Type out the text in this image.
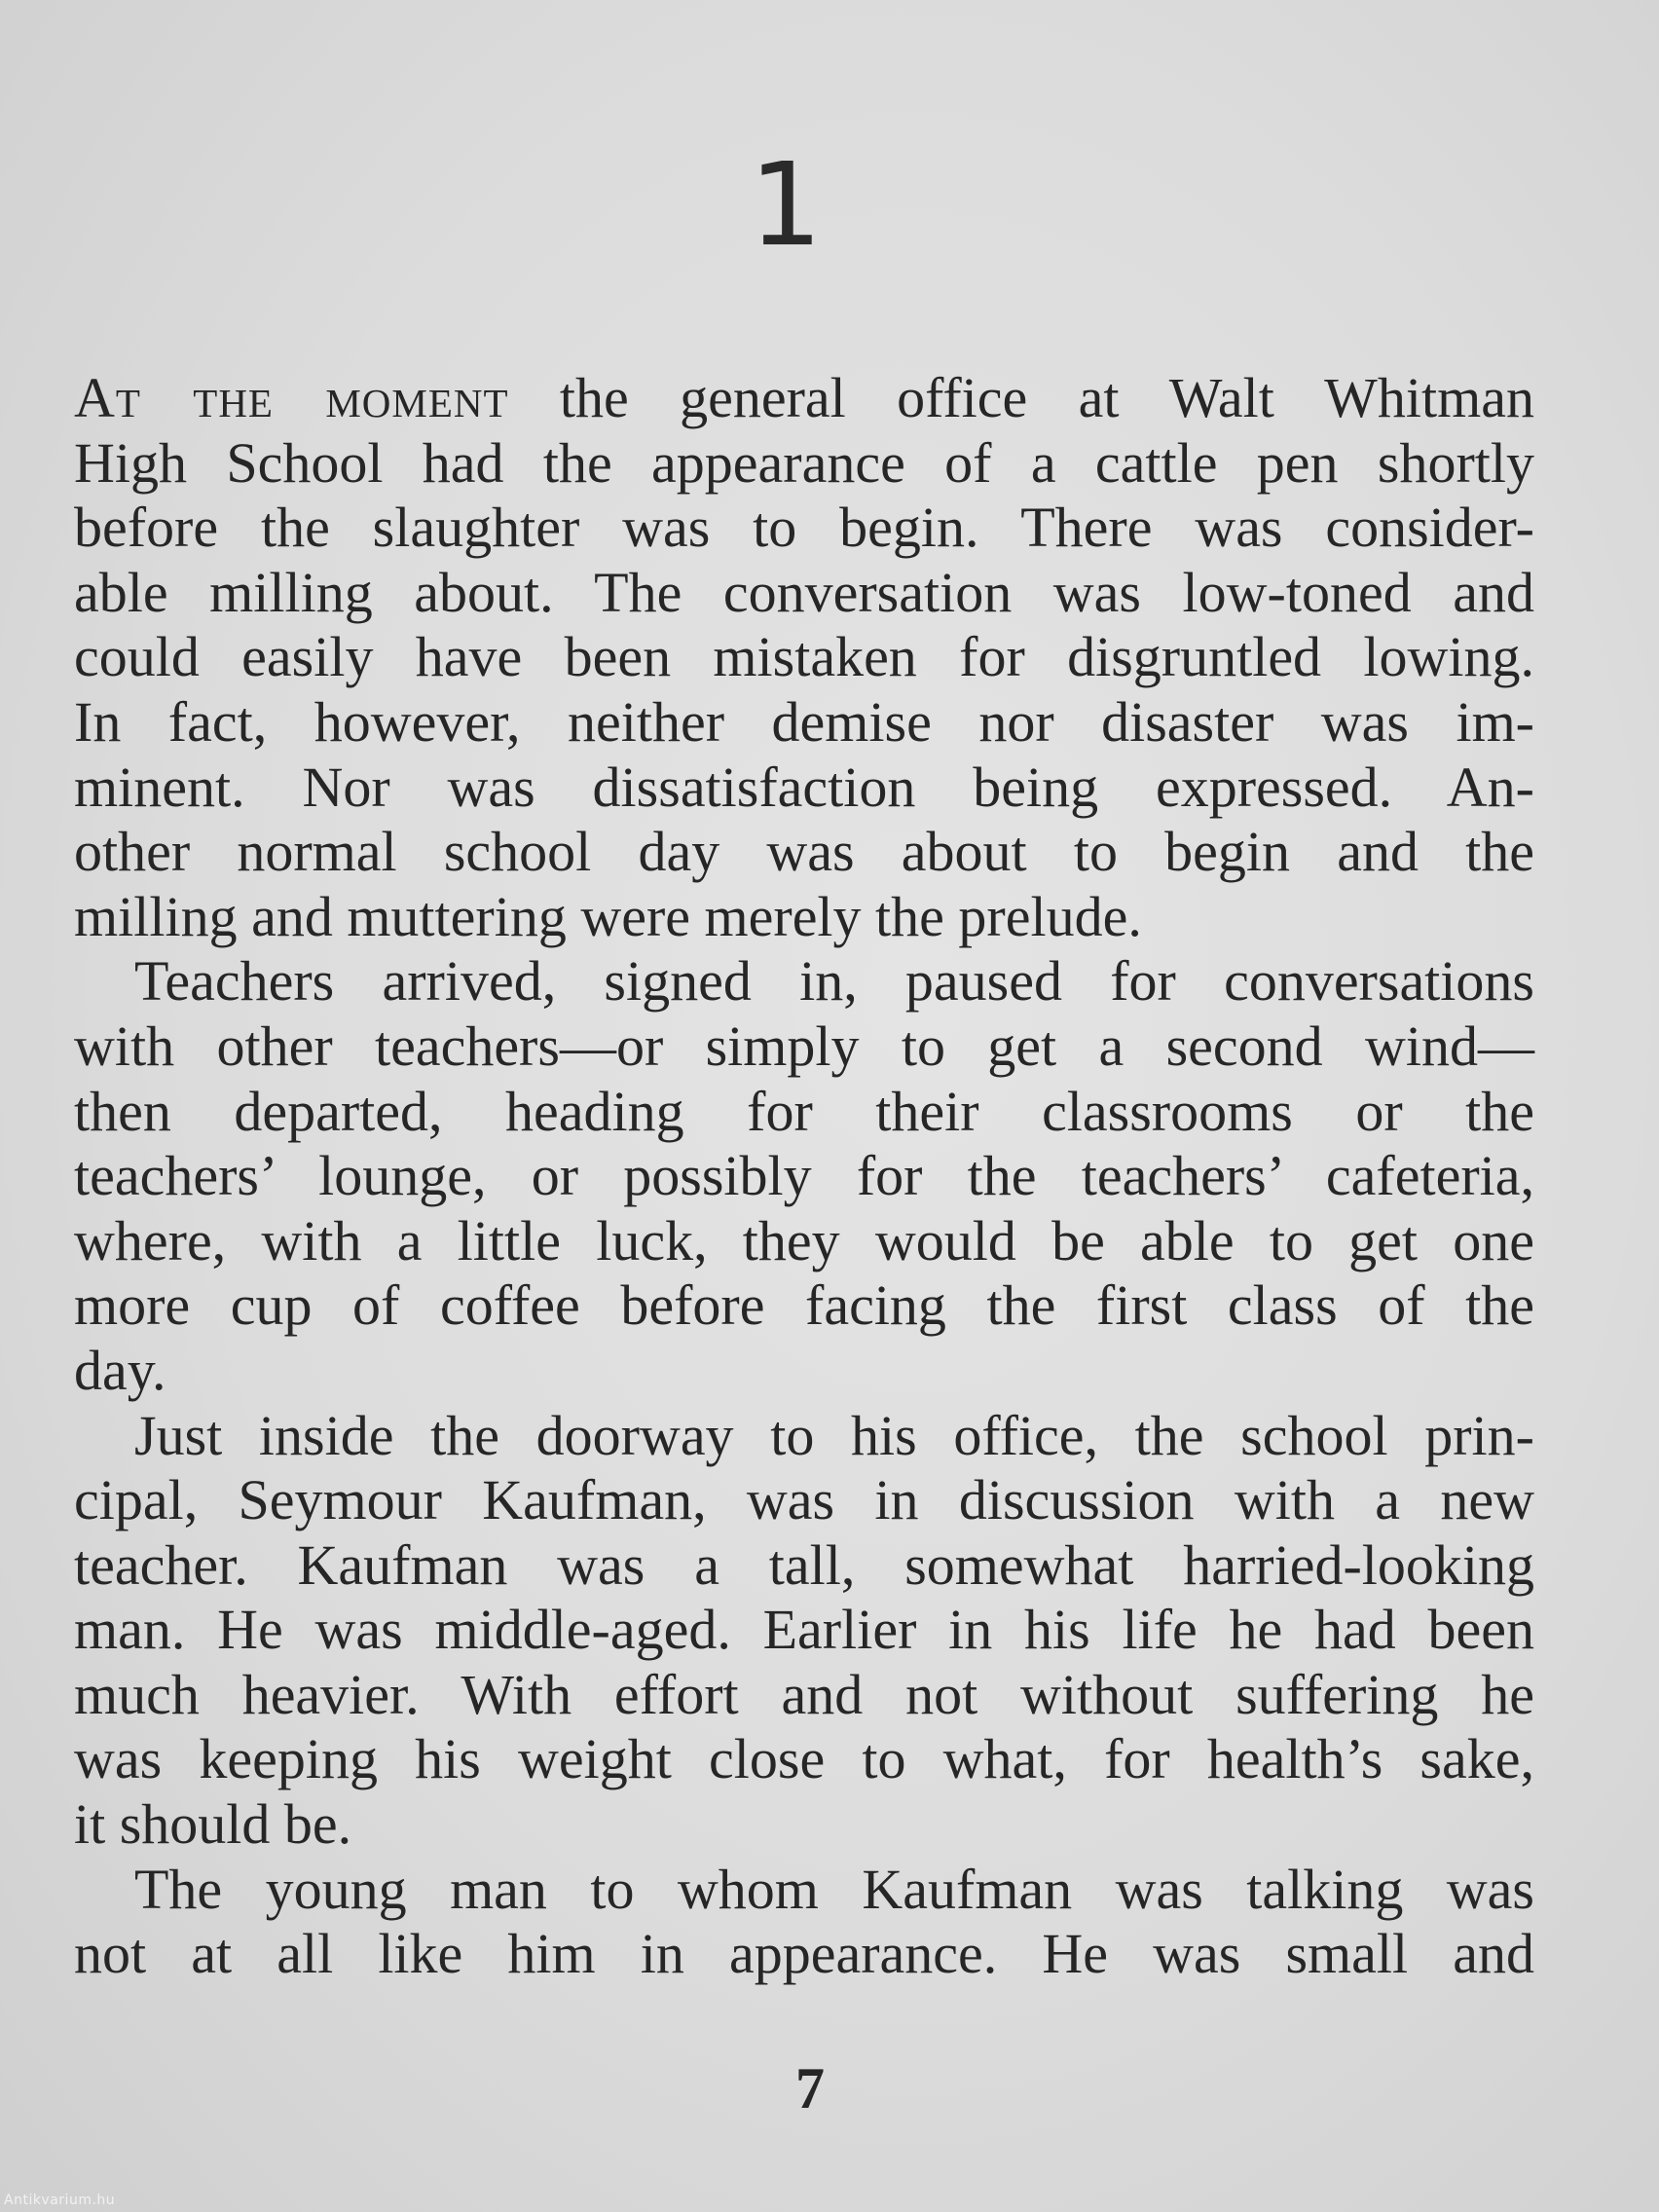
1
At the moment the general office at Walt Whitman
High School had the appearance of a cattle pen shortly
before the slaughter was to begin. There was consider-
able milling about. The conversation was low-toned and
could easily have been mistaken for disgruntled lowing.
In fact, however, neither demise nor disaster was im-
minent. Nor was dissatisfaction being expressed. An-
other normal school day was about to begin and the
milling and muttering were merely the prelude.
Teachers arrived, signed in, paused for conversations
with other teachers—or simply to get a second wind—
then departed, heading for their classrooms or the
teachers’ lounge, or possibly for the teachers’ cafeteria,
where, with a little luck, they would be able to get one
more cup of coffee before facing the first class of the
day.
Just inside the doorway to his office, the school prin-
cipal, Seymour Kaufman, was in discussion with a new
teacher. Kaufman was a tall, somewhat harried-looking
man. He was middle-aged. Earlier in his life he had been
much heavier. With effort and not without suffering he
was keeping his weight close to what, for health’s sake,
it should be.
The young man to whom Kaufman was talking was
not at all like him in appearance. He was small and
7
Antikvarium.hu
